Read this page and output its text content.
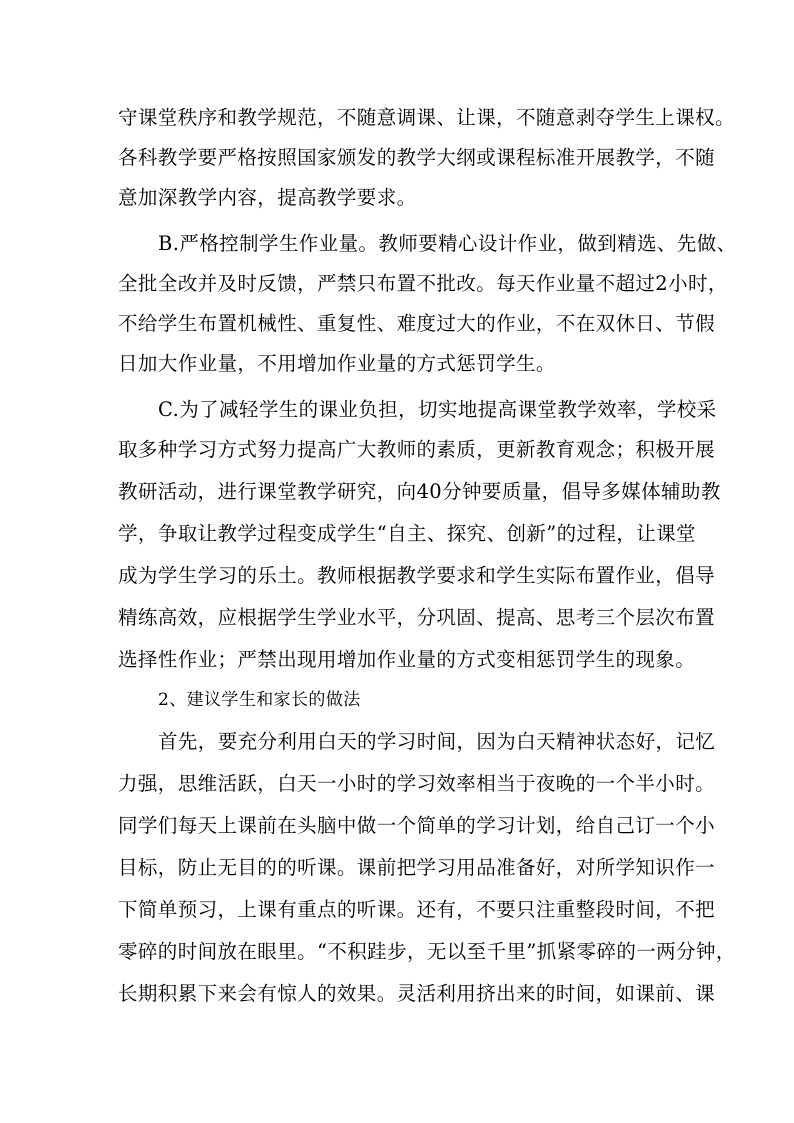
守课堂秩序和教学规范，不随意调课、让课，不随意剥夺学生上课权。
各科教学要严格按照国家颁发的教学大纲或课程标准开展教学，不随
意加深教学内容，提高教学要求。
B.严格控制学生作业量。教师要精心设计作业，做到精选、先做、
全批全改并及时反馈，严禁只布置不批改。每天作业量不超过2小时，
不给学生布置机械性、重复性、难度过大的作业，不在双休日、节假
日加大作业量，不用增加作业量的方式惩罚学生。
C.为了减轻学生的课业负担，切实地提高课堂教学效率，学校采
取多种学习方式努力提高广大教师的素质，更新教育观念；积极开展
教研活动，进行课堂教学研究，向40分钟要质量，倡导多媒体辅助教
学，争取让教学过程变成学生“自主、探究、创新”的过程，让课堂
成为学生学习的乐土。教师根据教学要求和学生实际布置作业，倡导
精练高效，应根据学生学业水平，分巩固、提高、思考三个层次布置
选择性作业；严禁出现用增加作业量的方式变相惩罚学生的现象。
2、建议学生和家长的做法
首先，要充分利用白天的学习时间，因为白天精神状态好，记忆
力强，思维活跃，白天一小时的学习效率相当于夜晚的一个半小时。
同学们每天上课前在头脑中做一个简单的学习计划，给自己订一个小
目标，防止无目的的听课。课前把学习用品准备好，对所学知识作一
下简单预习，上课有重点的听课。还有，不要只注重整段时间，不把
零碎的时间放在眼里。“不积跬步，无以至千里”抓紧零碎的一两分钟，
长期积累下来会有惊人的效果。灵活利用挤出来的时间，如课前、课
